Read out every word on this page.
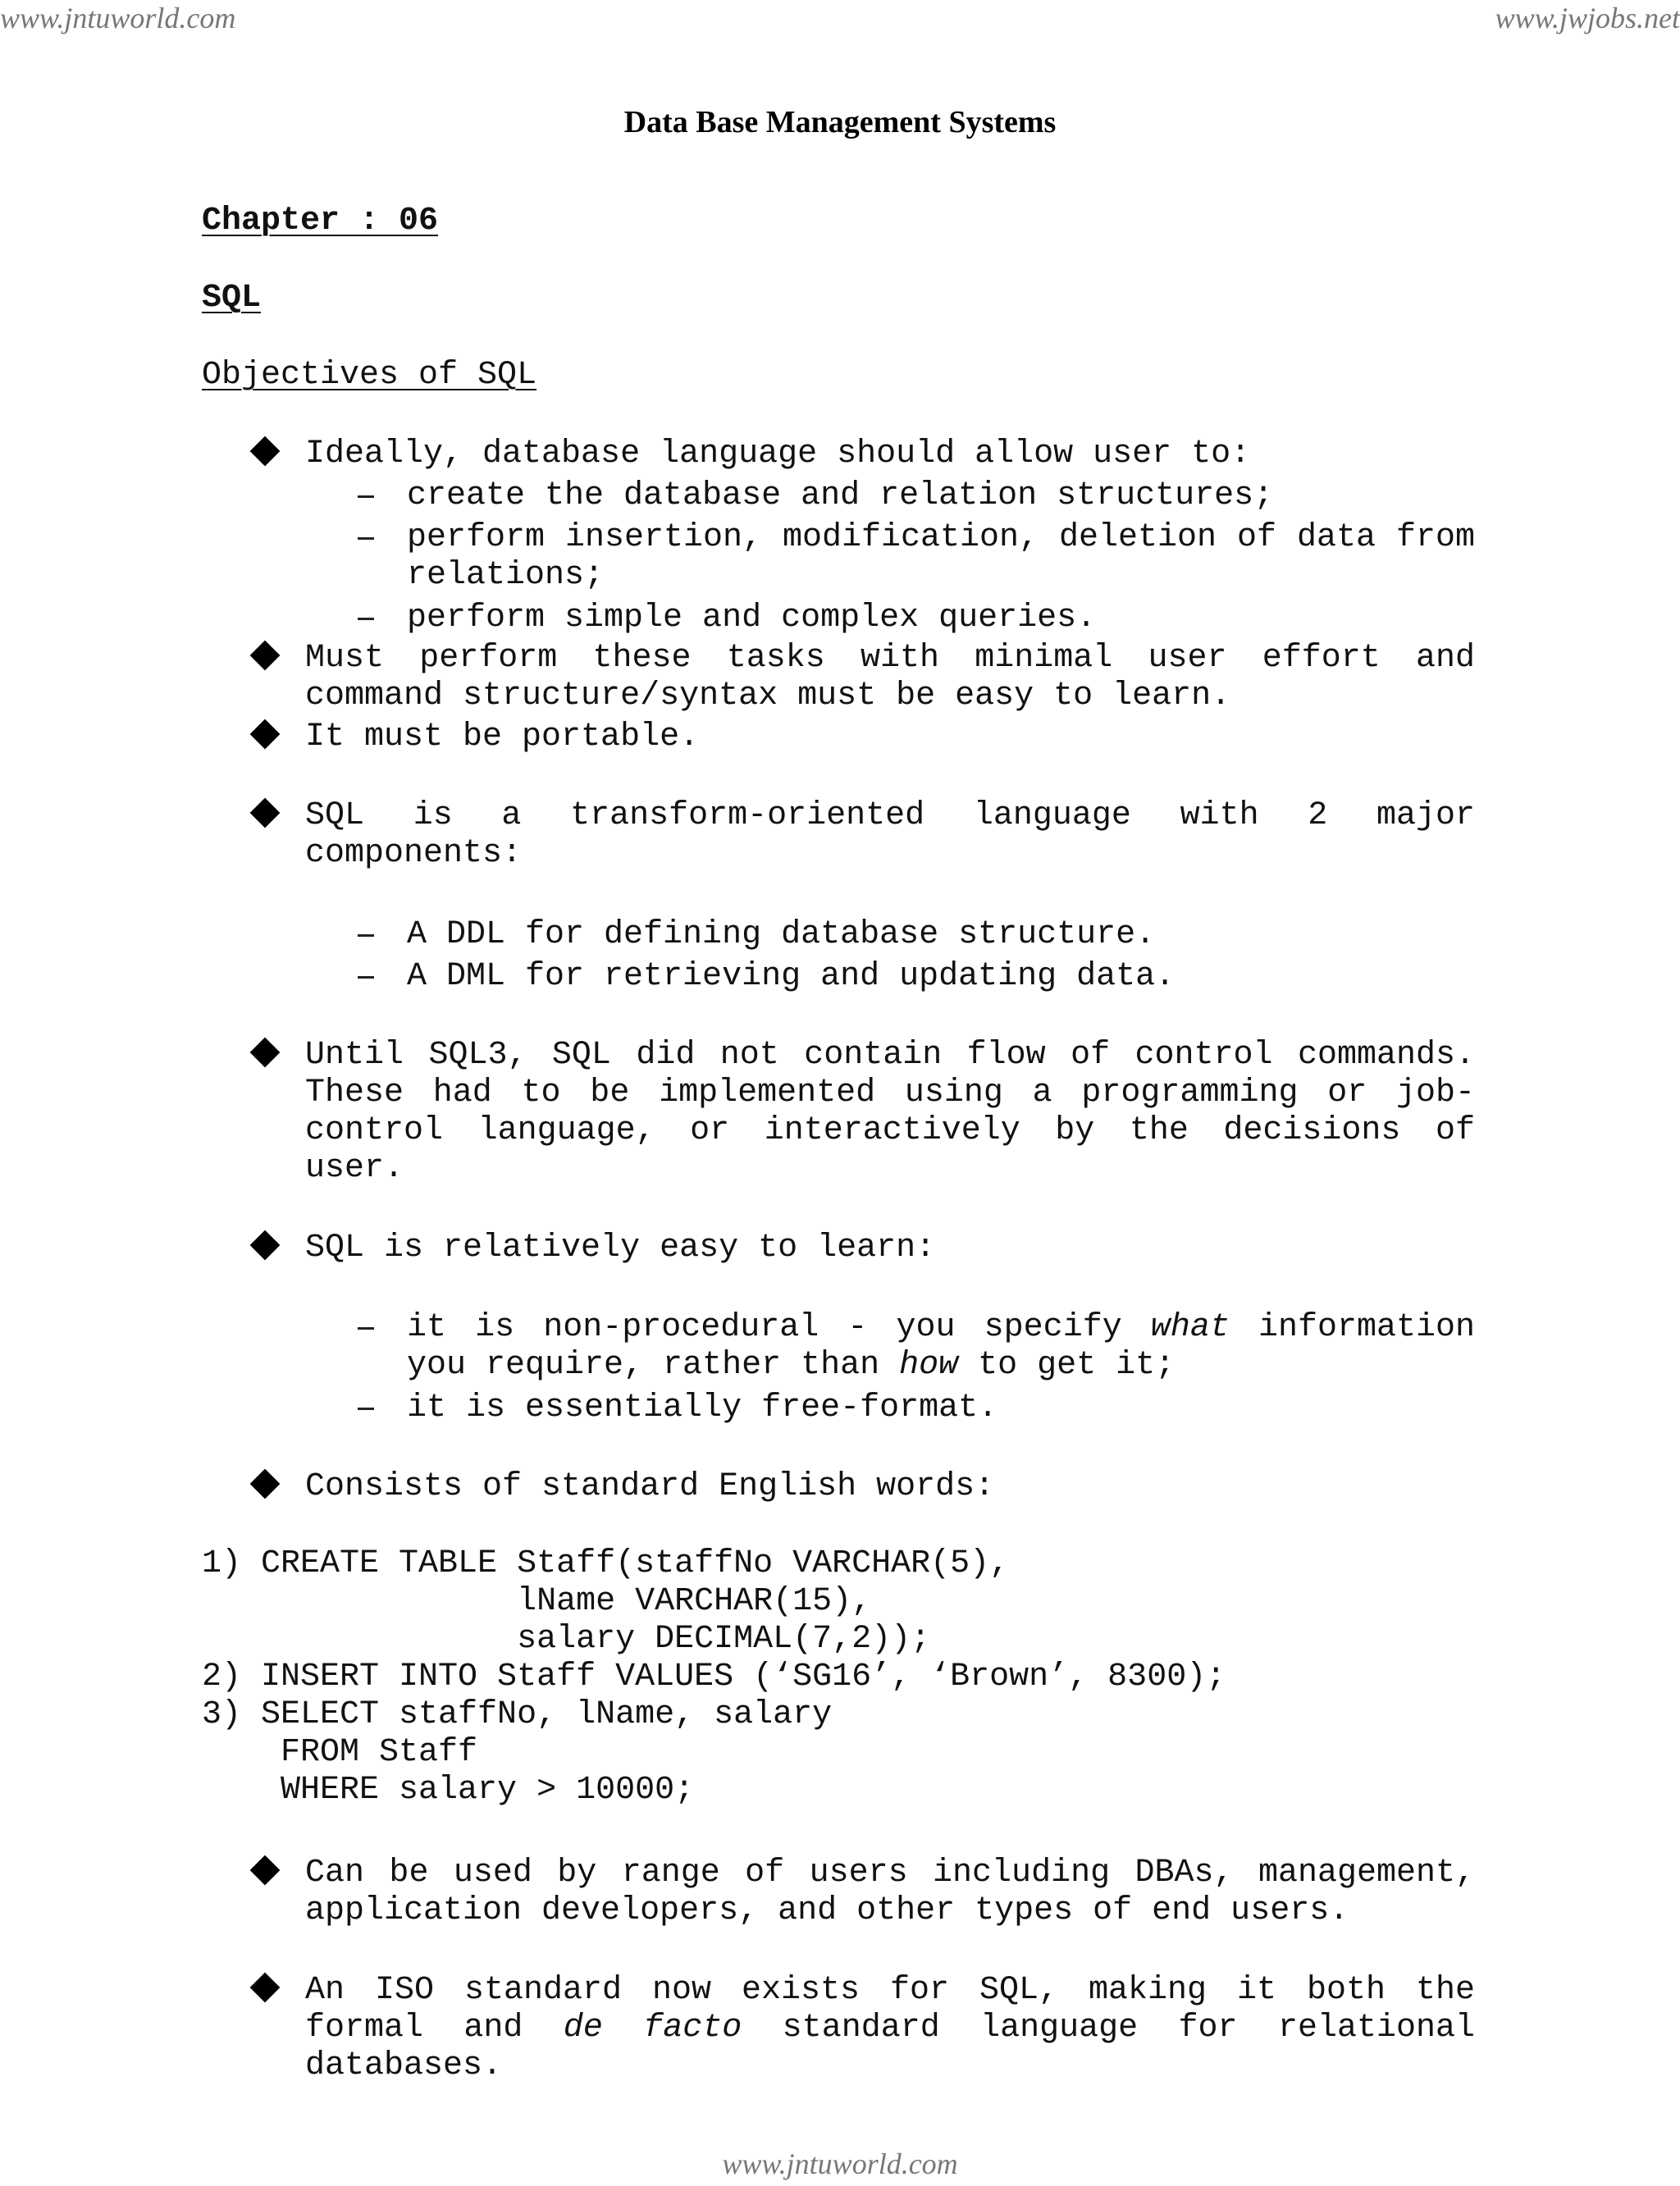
www.jntuworld.com	www.jwjobs.net
Data Base Management Systems
Chapter : 06
SQL
Objectives of SQL

Ideally, database language should allow user to:

create the database and relation structures;

perform insertion, modification, deletion of data from relations;

perform simple and complex queries.

Must perform these tasks with minimal user effort and command structure/syntax must be easy to learn.

It must be portable.

SQL is a transform-oriented language with 2 major components:

A DDL for defining database structure.

A DML for retrieving and updating data.

Until SQL3, SQL did not contain flow of control commands. These had to be implemented using a programming or job-control language, or interactively by the decisions of user.

SQL is relatively easy to learn:

it is non-procedural - you specify what information you require, rather than how to get it;

it is essentially free-format.

Consists of standard English words:

1) CREATE TABLE Staff(staffNo VARCHAR(5),
lName VARCHAR(15),
salary DECIMAL(7,2));
2) INSERT INTO Staff VALUES (‘SG16’, ‘Brown’, 8300);
3) SELECT staffNo, lName, salary
FROM Staff
WHERE salary > 10000;

Can be used by range of users including DBAs, management, application developers, and other types of end users.

An ISO standard now exists for SQL, making it both the formal and de facto standard language for relational databases.

www.jntuworld.com
